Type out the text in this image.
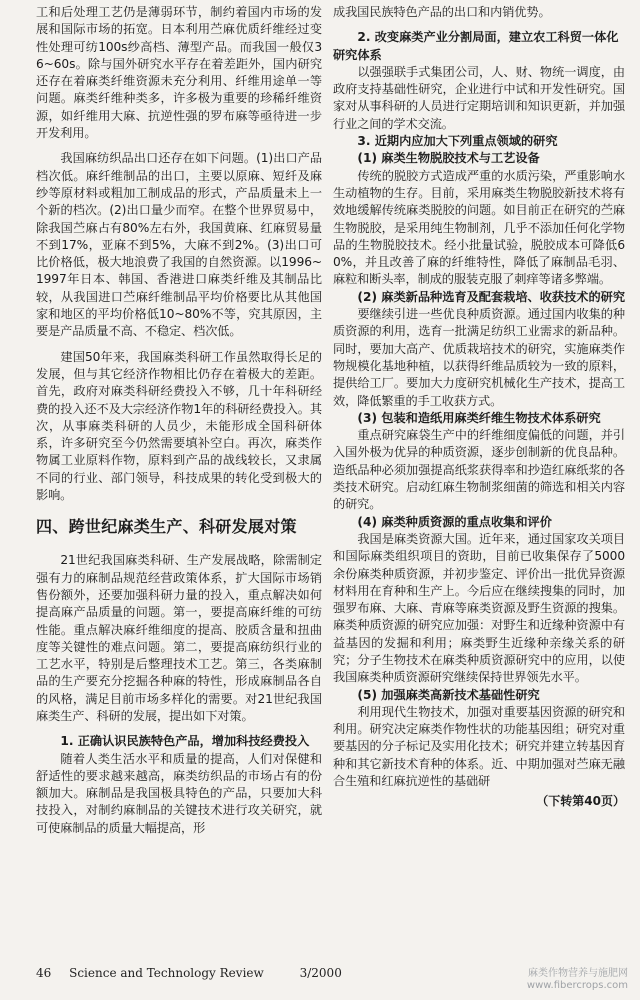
工和后处理工艺仍是薄弱环节，制约着国内市场的发展和国际市场的拓宽。日本利用苎麻优质纤维经过变性处理可纺100s纱高档、薄型产品。而我国一般仅36~60s。除与国外研究水平存在着差距外，国内研究还存在着麻类纤维资源未充分利用、纤维用途单一等问题。麻类纤维种类多，许多极为重要的珍稀纤维资源，如纤维用大麻、抗逆性强的罗布麻等亟待进一步开发利用。

我国麻纺织品出口还存在如下问题。(1)出口产品档次低。麻纤维制品的出口，主要以原麻、短纤及麻纱等原材料或粗加工制成品的形式，产品质量未上一个新的档次。(2)出口量少而窄。在整个世界贸易中，除我国苎麻占有80%左右外，我国黄麻、红麻贸易量不到17%，亚麻不到5%，大麻不到2%。(3)出口可比价格低，极大地浪费了我国的自然资源。以1996~1997年日本、韩国、香港进口麻类纤维及其制品比较，从我国进口苎麻纤维制品平均价格要比从其他国家和地区的平均价格低10~80%不等，究其原因，主要是产品质量不高、不稳定、档次低。

建国50年来，我国麻类科研工作虽然取得长足的发展，但与其它经济作物相比仍存在着极大的差距。首先，政府对麻类科研经费投入不够，几十年科研经费的投入还不及大宗经济作物1年的科研经费投入。其次，从事麻类科研的人员少，未能形成全国科研体系，许多研究至今仍然需要填补空白。再次，麻类作物属工业原料作物，原料到产品的战线较长，又隶属不同的行业、部门领导，科技成果的转化受到极大的影响。

四、跨世纪麻类生产、科研发展对策

21世纪我国麻类科研、生产发展战略，除需制定强有力的麻制品规范经营政策体系，扩大国际市场销售份额外，还要加强科研力量的投入，重点解决如何提高麻产品质量的问题。第一，要提高麻纤维的可纺性能。重点解决麻纤维细度的提高、胶质含量和扭曲度等关键性的难点问题。第二，要提高麻纺织行业的工艺水平，特别是后整理技术工艺。第三，各类麻制品的生产要充分挖掘各种麻的特性，形成麻制品各自的风格，满足目前市场多样化的需要。对21世纪我国麻类生产、科研的发展，提出如下对策。

1. 正确认识民族特色产品，增加科技经费投入

随着人类生活水平和质量的提高，人们对保健和舒适性的要求越来越高，麻类纺织品的市场占有的份额加大。麻制品是我国极具特色的产品，只要加大科技投入，对制约麻制品的关键技术进行攻关研究，就可使麻制品的质量大幅提高，形

成我国民族特色产品的出口和内销优势。

2. 改变麻类产业分割局面，建立农工科贸一体化研究体系

以强强联手式集团公司，人、财、物统一调度，由政府支持基础性研究，企业进行中试和开发性研究。国家对从事科研的人员进行定期培训和知识更新，并加强行业之间的学术交流。

3. 近期内应加大下列重点领域的研究

(1) 麻类生物脱胶技术与工艺设备

传统的脱胶方式造成严重的水质污染，严重影响水生动植物的生存。目前，采用麻类生物脱胶新技术将有效地缓解传统麻类脱胶的问题。如目前正在研究的苎麻生物脱胶，是采用纯生物制剂，几乎不添加任何化学物品的生物脱胶技术。经小批量试验，脱胶成本可降低60%，并且改善了麻的纤维特性，降低了麻制品毛羽、麻粒和断头率，制成的服装克服了刺痒等诸多弊端。

(2) 麻类新品种选育及配套栽培、收获技术的研究

要继续引进一些优良种质资源。通过国内收集的种质资源的利用，选育一批满足纺织工业需求的新品种。同时，要加大高产、优质栽培技术的研究，实施麻类作物规模化基地种植，以获得纤维品质较为一致的原料，提供给工厂。要加大力度研究机械化生产技术，提高工效，降低繁重的手工收获方式。

(3) 包装和造纸用麻类纤维生物技术体系研究

重点研究麻袋生产中的纤维细度偏低的问题，并引入国外极为优异的种质资源，逐步创制新的优良品种。造纸品种必须加强提高纸浆获得率和抄造红麻纸浆的各类技术研究。启动红麻生物制浆细菌的筛选和相关内容的研究。

(4) 麻类种质资源的重点收集和评价

我国是麻类资源大国。近年来，通过国家攻关项目和国际麻类组织项目的资助，目前已收集保存了5000余份麻类种质资源，并初步鉴定、评价出一批优异资源材料用在育种和生产上。今后应在继续搜集的同时，加强罗布麻、大麻、青麻等麻类资源及野生资源的搜集。麻类种质资源的研究应加强：对野生和近缘种资源中有益基因的发掘和利用；麻类野生近缘种亲缘关系的研究；分子生物技术在麻类种质资源研究中的应用，以使我国麻类种质资源研究继续保持世界领先水平。

(5) 加强麻类高新技术基础性研究

利用现代生物技术，加强对重要基因资源的研究和利用。研究决定麻类作物性状的功能基因组；研究对重要基因的分子标记及实用化技术；研究并建立转基因育种和其它新技术育种的体系。近、中期加强对苎麻无融合生殖和红麻抗逆性的基础研

（下转第40页）
46 Science and Technology Review	3/2000	麻类作物营养与施肥网
www.fibercrops.com
